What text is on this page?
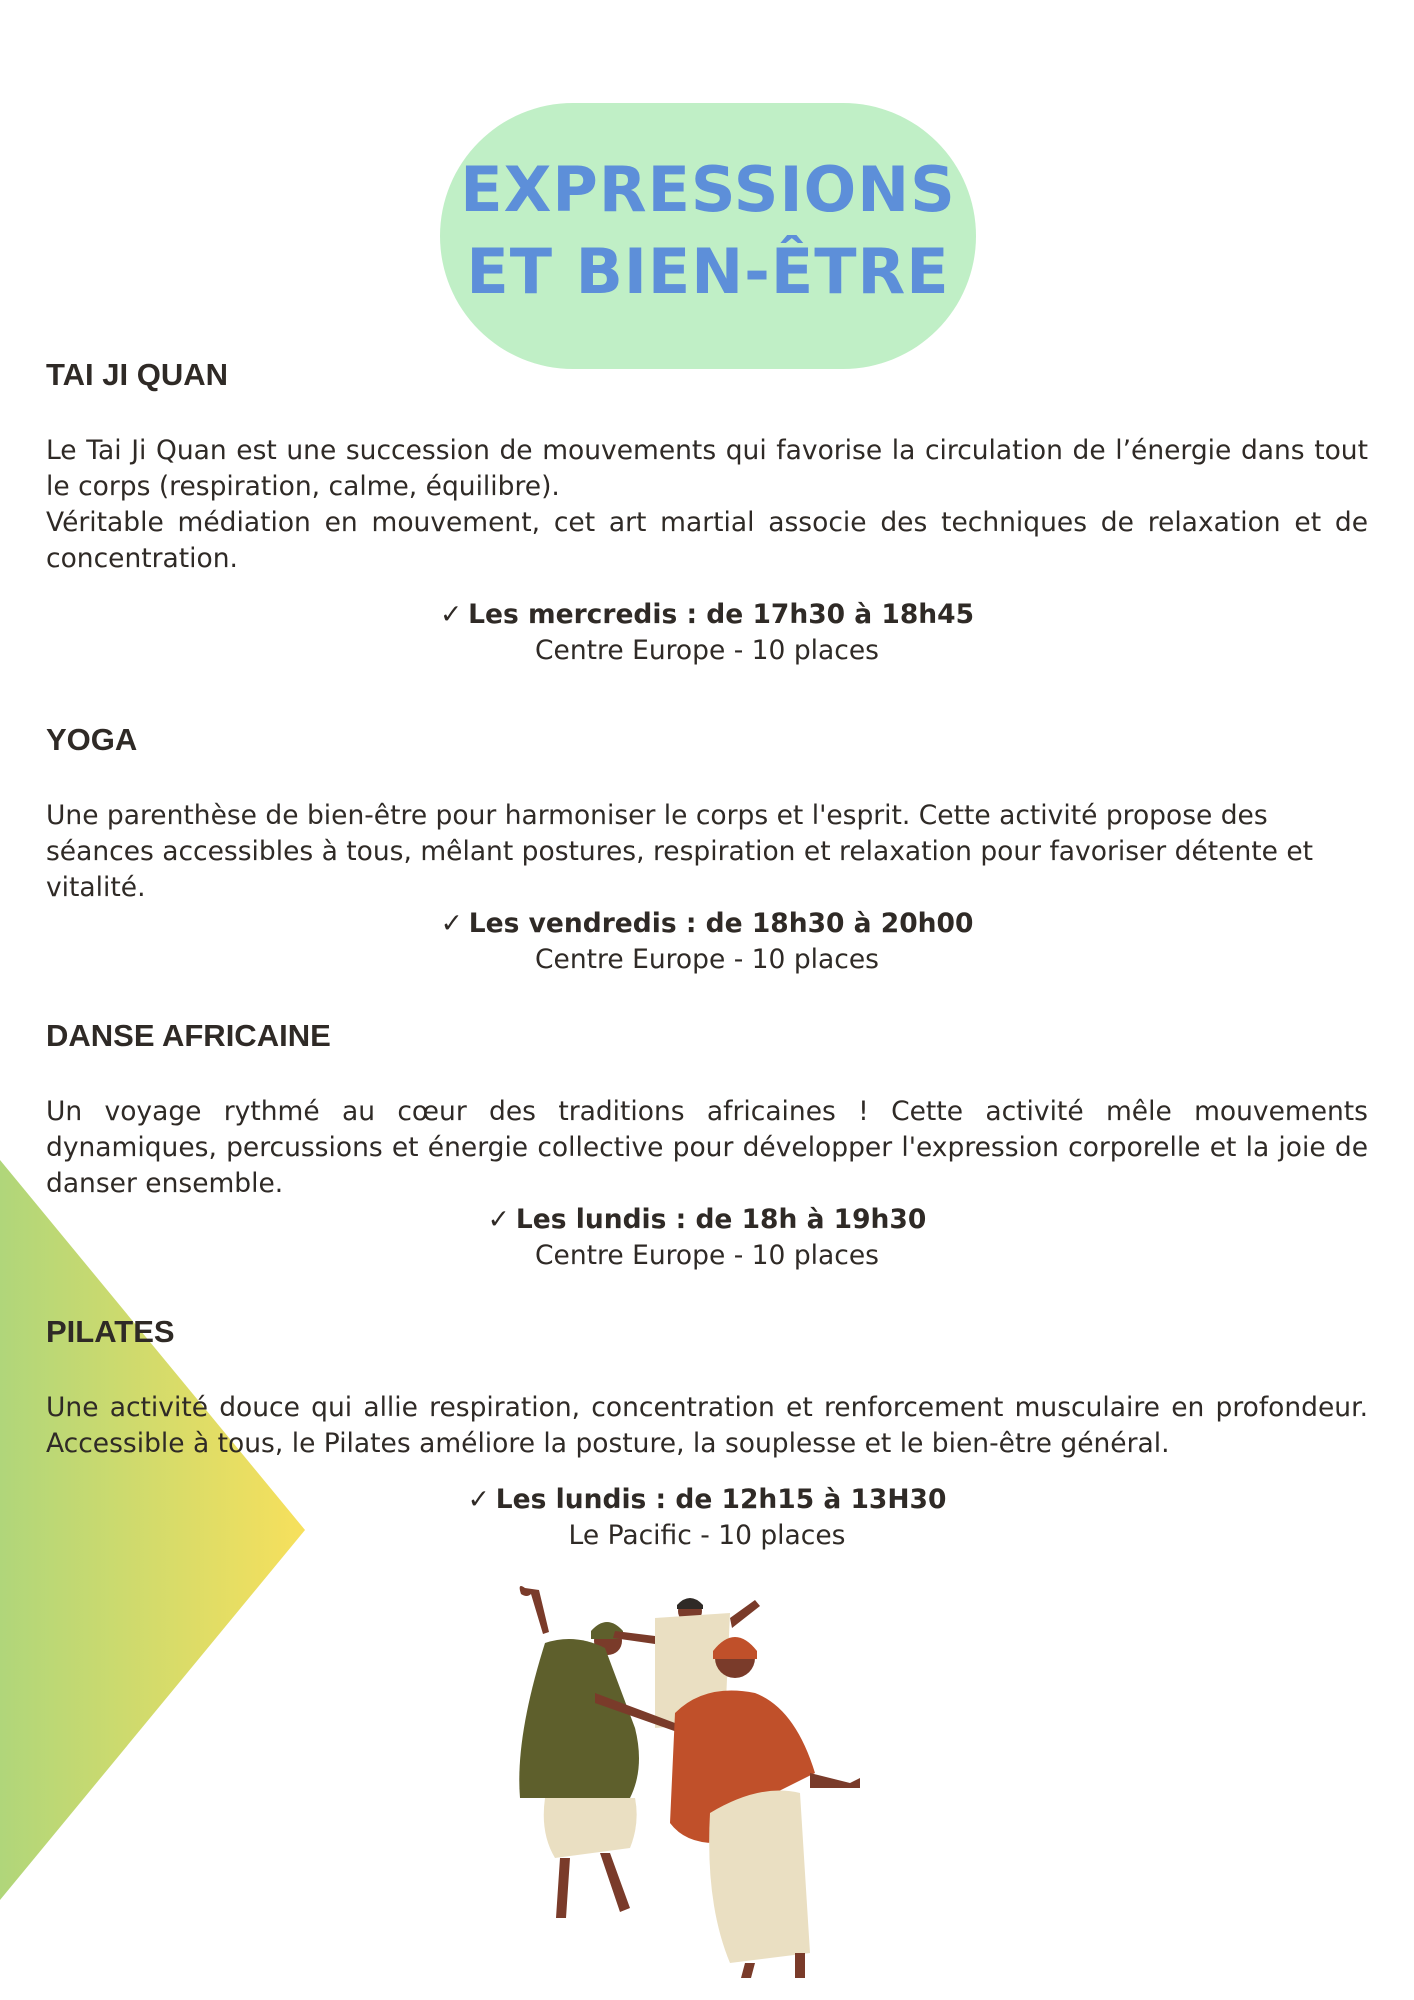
EXPRESSIONS
ET BIEN-ÊTRE
TAI JI QUAN

Le Tai Ji Quan est une succession de mouvements qui favorise la circulation de l’énergie dans tout le corps (respiration, calme, équilibre).

Véritable médiation en mouvement, cet art martial associe des techniques de relaxation et de concentration.

✓ Les mercredis : de 17h30 à 18h45
Centre Europe - 10 places
YOGA

Une parenthèse de bien-être pour harmoniser le corps et l'esprit. Cette activité propose des séances accessibles à tous, mêlant postures, respiration et relaxation pour favoriser détente et vitalité.

✓ Les vendredis : de 18h30 à 20h00
Centre Europe - 10 places
DANSE AFRICAINE

Un voyage rythmé au cœur des traditions africaines ! Cette activité mêle mouvements dynamiques, percussions et énergie collective pour développer l'expression corporelle et la joie de danser ensemble.

✓ Les lundis : de 18h à 19h30
Centre Europe - 10 places
PILATES

Une activité douce qui allie respiration, concentration et renforcement musculaire en profondeur. Accessible à tous, le Pilates améliore la posture, la souplesse et le bien-être général.

✓ Les lundis : de 12h15 à 13H30
Le Pacific - 10 places
